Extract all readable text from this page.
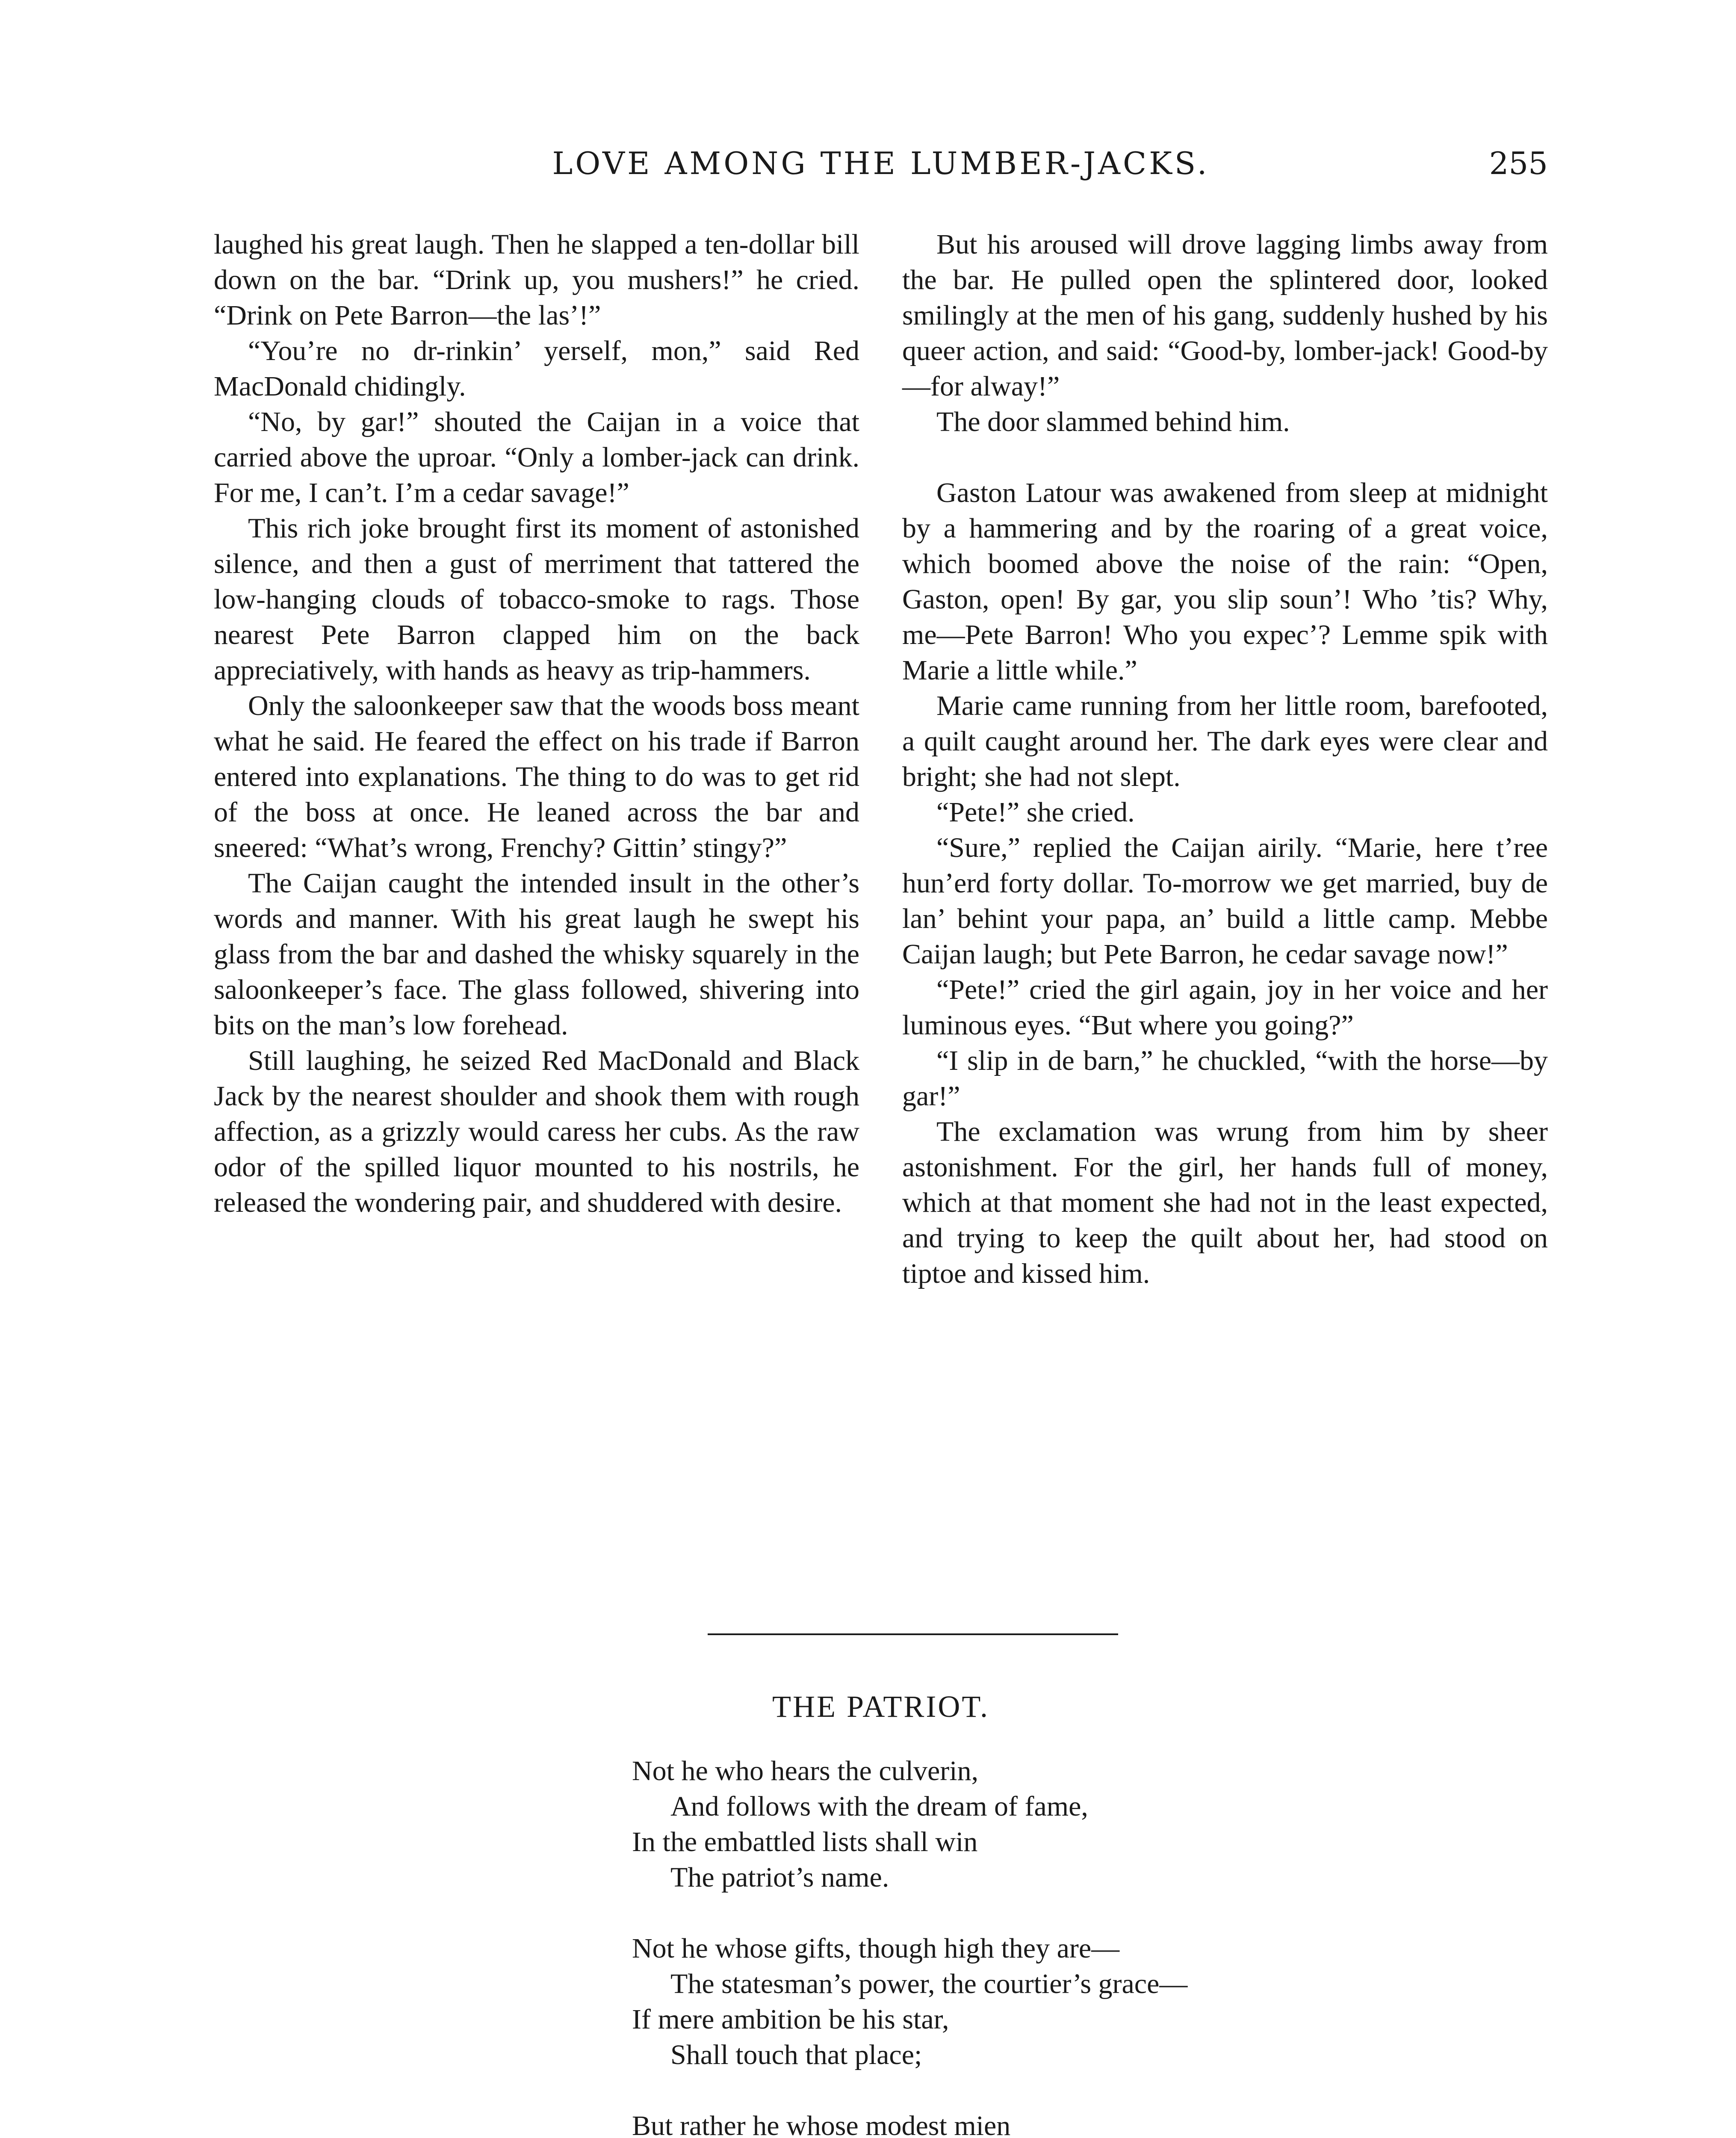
LOVE AMONG THE LUMBER-JACKS.	255

laughed his great laugh. Then he slapped a ten-dollar bill down on the bar. “Drink up, you mushers!” he cried. “Drink on Pete Barron—the las’!”

“You’re no dr-rinkin’ yerself, mon,” said Red MacDonald chidingly.

“No, by gar!” shouted the Caijan in a voice that carried above the uproar. “Only a lomber-jack can drink. For me, I can’t. I’m a cedar savage!”

This rich joke brought first its moment of astonished silence, and then a gust of merriment that tattered the low-hanging clouds of tobacco-smoke to rags. Those nearest Pete Barron clapped him on the back appreciatively, with hands as heavy as trip-hammers.

Only the saloonkeeper saw that the woods boss meant what he said. He feared the effect on his trade if Barron entered into explanations. The thing to do was to get rid of the boss at once. He leaned across the bar and sneered: “What’s wrong, Frenchy? Gittin’ stingy?”

The Caijan caught the intended insult in the other’s words and manner. With his great laugh he swept his glass from the bar and dashed the whisky squarely in the saloonkeeper’s face. The glass followed, shivering into bits on the man’s low forehead.

Still laughing, he seized Red MacDonald and Black Jack by the nearest shoulder and shook them with rough affection, as a grizzly would caress her cubs. As the raw odor of the spilled liquor mounted to his nostrils, he released the wondering pair, and shuddered with desire.

But his aroused will drove lagging limbs away from the bar. He pulled open the splintered door, looked smilingly at the men of his gang, suddenly hushed by his queer action, and said: “Good-by, lomber-jack! Good-by—for alway!”

The door slammed behind him.

Gaston Latour was awakened from sleep at midnight by a hammering and by the roaring of a great voice, which boomed above the noise of the rain: “Open, Gaston, open! By gar, you slip soun’! Who ’tis? Why, me—Pete Barron! Who you expec’? Lemme spik with Marie a little while.”

Marie came running from her little room, barefooted, a quilt caught around her. The dark eyes were clear and bright; she had not slept.

“Pete!” she cried.

“Sure,” replied the Caijan airily. “Marie, here t’ree hun’erd forty dollar. To-morrow we get married, buy de lan’ behint your papa, an’ build a little camp. Mebbe Caijan laugh; but Pete Barron, he cedar savage now!”

“Pete!” cried the girl again, joy in her voice and her luminous eyes. “But where you going?”

“I slip in de barn,” he chuckled, “with the horse—by gar!”

The exclamation was wrung from him by sheer astonishment. For the girl, her hands full of money, which at that moment she had not in the least expected, and trying to keep the quilt about her, had stood on tiptoe and kissed him.

THE PATRIOT.
Not he who hears the culverin,
And follows with the dream of fame,
In the embattled lists shall win
The patriot’s name.
Not he whose gifts, though high they are—
The statesman’s power, the courtier’s grace—
If mere ambition be his star,
Shall touch that place;
But rather he whose modest mien
